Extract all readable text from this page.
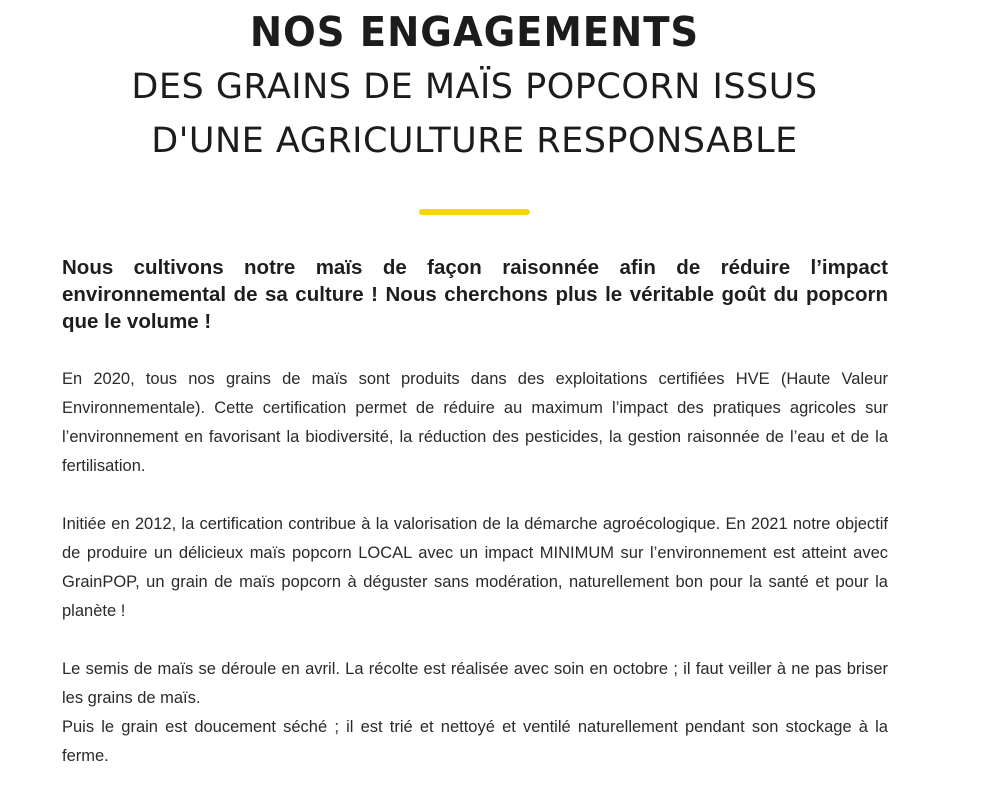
NOS ENGAGEMENTS
DES GRAINS DE MAÏS POPCORN ISSUS
D'UNE AGRICULTURE RESPONSABLE

Nous cultivons notre maïs de façon raisonnée afin de réduire l’impact environnemental de sa culture ! Nous cherchons plus le véritable goût du popcorn que le volume !

En 2020, tous nos grains de maïs sont produits dans des exploitations certifiées HVE (Haute Valeur Environnementale). Cette certification permet de réduire au maximum l’impact des pratiques agricoles sur l’environnement en favorisant la biodiversité, la réduction des pesticides, la gestion raisonnée de l’eau et de la fertilisation.

Initiée en 2012, la certification contribue à la valorisation de la démarche agroécologique. En 2021 notre objectif de produire un délicieux maïs popcorn LOCAL avec un impact MINIMUM sur l’environnement est atteint avec GrainPOP, un grain de maïs popcorn à déguster sans modération, naturellement bon pour la santé et pour la planète !

Le semis de maïs se déroule en avril. La récolte est réalisée avec soin en octobre ; il faut veiller à ne pas briser les grains de maïs.

Puis le grain est doucement séché ; il est trié et nettoyé et ventilé naturellement pendant son stockage à la ferme.
